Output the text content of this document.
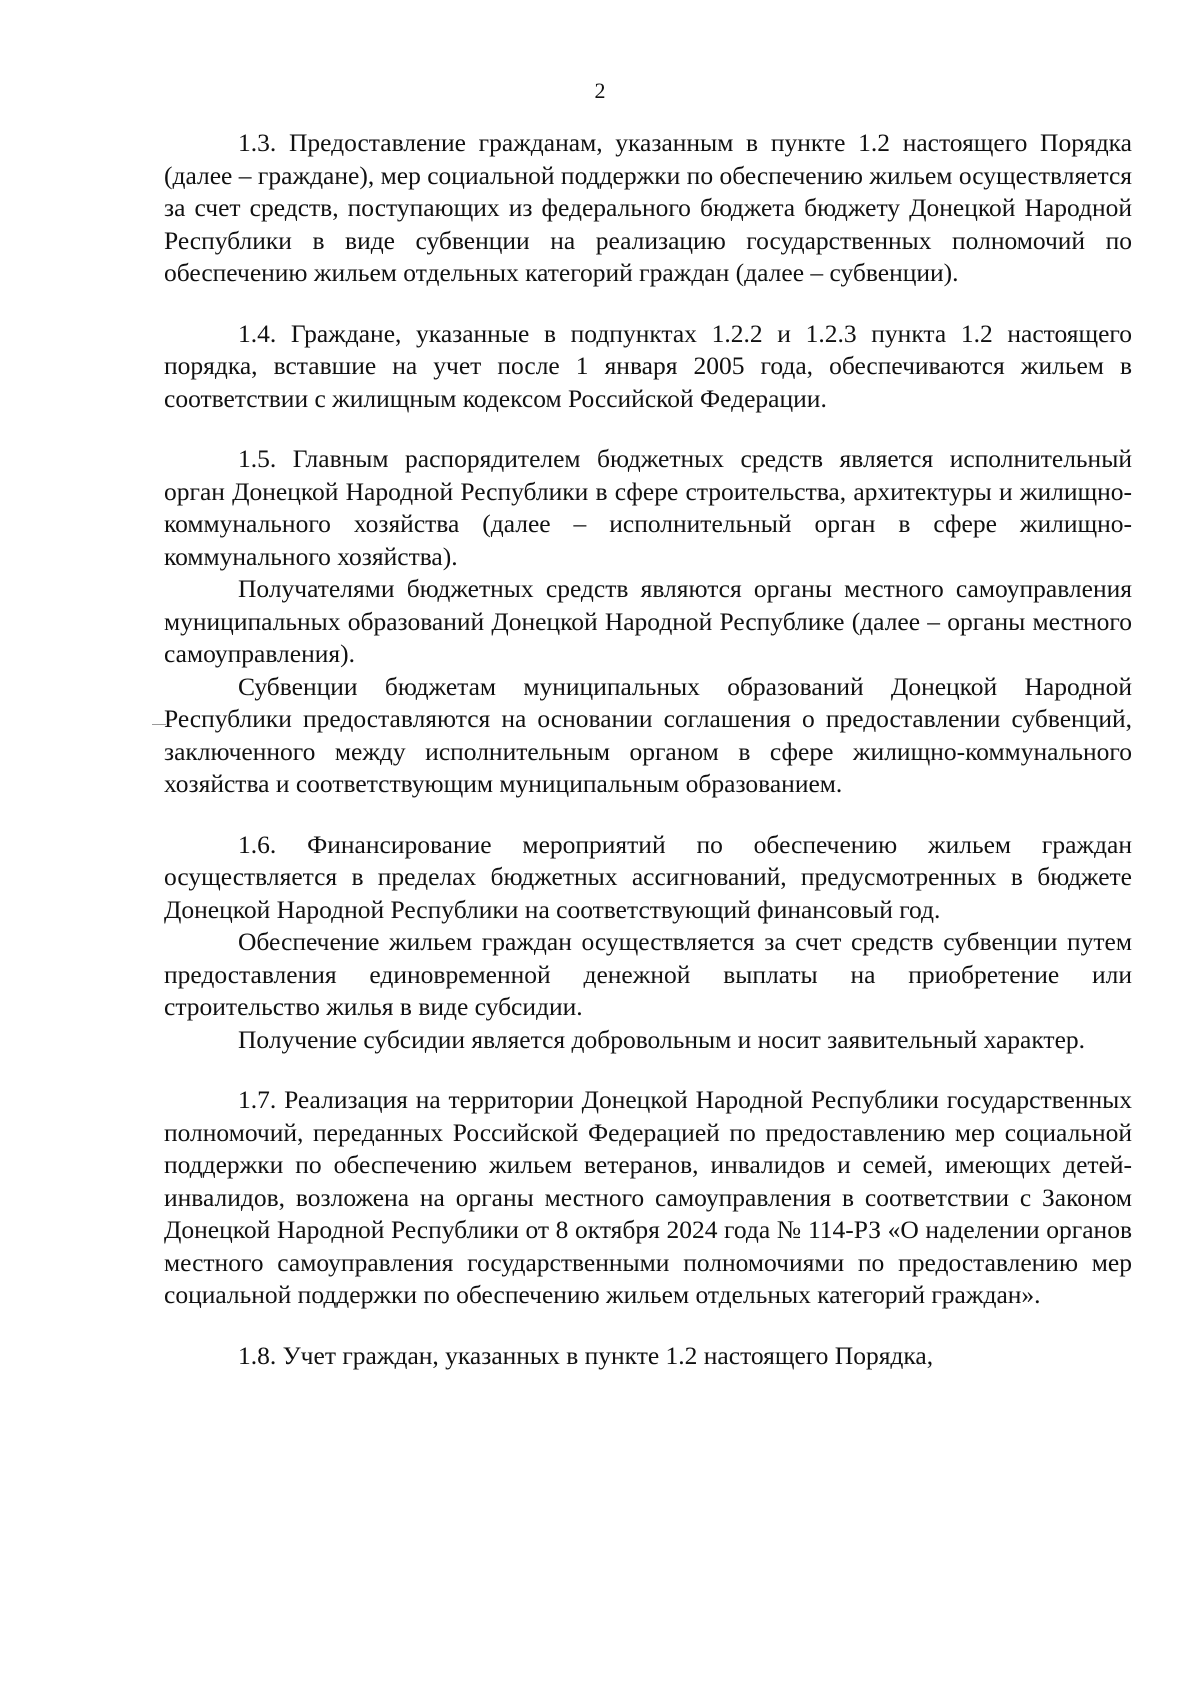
2

1.3. Предоставление гражданам, указанным в пункте 1.2 настоящего Порядка (далее – граждане), мер социальной поддержки по обеспечению жильем осуществляется за счет средств, поступающих из федерального бюджета бюджету Донецкой Народной Республики в виде субвенции на реализацию государственных полномочий по обеспечению жильем отдельных категорий граждан (далее – субвенции).

1.4. Граждане, указанные в подпунктах 1.2.2 и 1.2.3 пункта 1.2 настоящего порядка, вставшие на учет после 1 января 2005 года, обеспечиваются жильем в соответствии с жилищным кодексом Российской Федерации.

1.5. Главным распорядителем бюджетных средств является исполнительный орган Донецкой Народной Республики в сфере строительства, архитектуры и жилищно-коммунального хозяйства (далее – исполнительный орган в сфере жилищно-коммунального хозяйства).

Получателями бюджетных средств являются органы местного самоуправления муниципальных образований Донецкой Народной Республике (далее – органы местного самоуправления).

Субвенции бюджетам муниципальных образований Донецкой Народной Республики предоставляются на основании соглашения о предоставлении субвенций, заключенного между исполнительным органом в сфере жилищно-коммунального хозяйства и соответствующим муниципальным образованием.

1.6. Финансирование мероприятий по обеспечению жильем граждан осуществляется в пределах бюджетных ассигнований, предусмотренных в бюджете Донецкой Народной Республики на соответствующий финансовый год.

Обеспечение жильем граждан осуществляется за счет средств субвенции путем предоставления единовременной денежной выплаты на приобретение или строительство жилья в виде субсидии.

Получение субсидии является добровольным и носит заявительный характер.

1.7. Реализация на территории Донецкой Народной Республики государственных полномочий, переданных Российской Федерацией по предоставлению мер социальной поддержки по обеспечению жильем ветеранов, инвалидов и семей, имеющих детей-инвалидов, возложена на органы местного самоуправления в соответствии с Законом Донецкой Народной Республики от 8 октября 2024 года № 114-РЗ «О наделении органов местного самоуправления государственными полномочиями по предоставлению мер социальной поддержки по обеспечению жильем отдельных категорий граждан».

1.8. Учет граждан, указанных в пункте 1.2 настоящего Порядка,
